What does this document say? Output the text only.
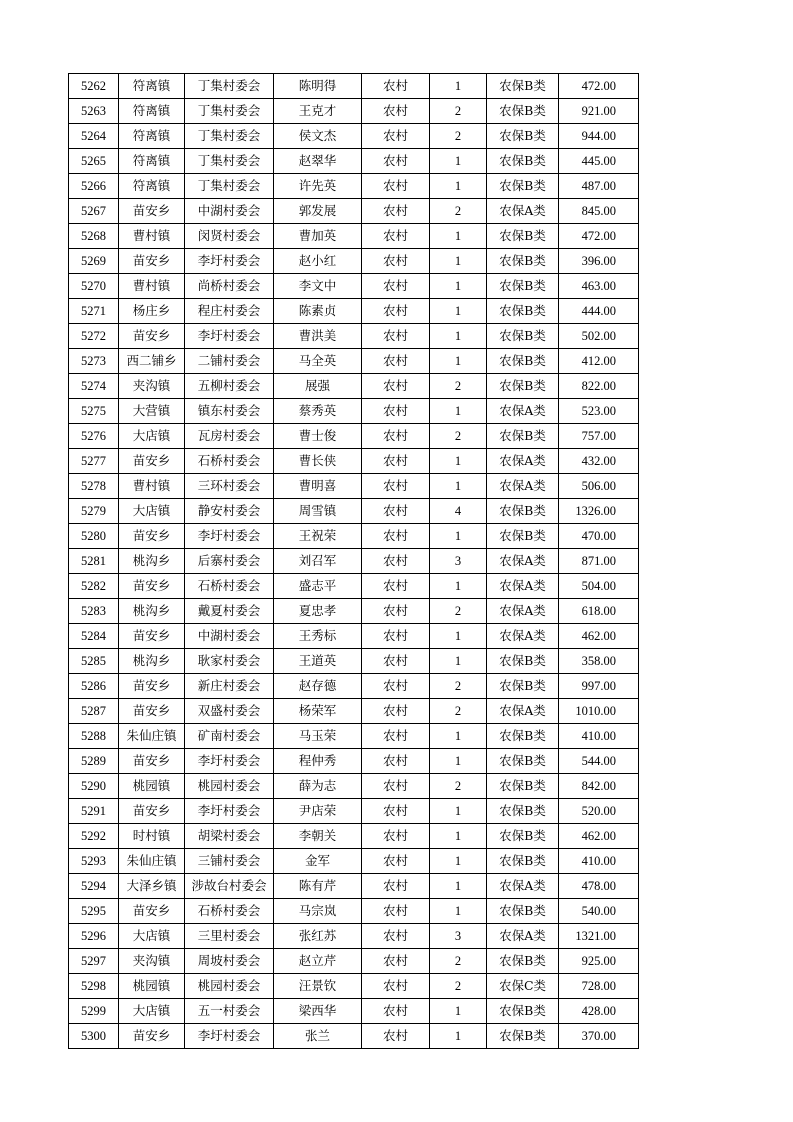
5262	符离镇	丁集村委会	陈明得	农村	1	农保B类	472.00
5263	符离镇	丁集村委会	王克才	农村	2	农保B类	921.00
5264	符离镇	丁集村委会	侯文杰	农村	2	农保B类	944.00
5265	符离镇	丁集村委会	赵翠华	农村	1	农保B类	445.00
5266	符离镇	丁集村委会	许先英	农村	1	农保B类	487.00
5267	苗安乡	中湖村委会	郭发展	农村	2	农保A类	845.00
5268	曹村镇	闵贤村委会	曹加英	农村	1	农保B类	472.00
5269	苗安乡	李圩村委会	赵小红	农村	1	农保B类	396.00
5270	曹村镇	尚桥村委会	李文中	农村	1	农保B类	463.00
5271	杨庄乡	程庄村委会	陈素贞	农村	1	农保B类	444.00
5272	苗安乡	李圩村委会	曹洪美	农村	1	农保B类	502.00
5273	西二铺乡	二铺村委会	马全英	农村	1	农保B类	412.00
5274	夹沟镇	五柳村委会	展强	农村	2	农保B类	822.00
5275	大营镇	镇东村委会	蔡秀英	农村	1	农保A类	523.00
5276	大店镇	瓦房村委会	曹士俊	农村	2	农保B类	757.00
5277	苗安乡	石桥村委会	曹长侠	农村	1	农保A类	432.00
5278	曹村镇	三环村委会	曹明喜	农村	1	农保A类	506.00
5279	大店镇	静安村委会	周雪镇	农村	4	农保B类	1326.00
5280	苗安乡	李圩村委会	王祝荣	农村	1	农保B类	470.00
5281	桃沟乡	后寨村委会	刘召军	农村	3	农保A类	871.00
5282	苗安乡	石桥村委会	盛志平	农村	1	农保A类	504.00
5283	桃沟乡	戴夏村委会	夏忠孝	农村	2	农保A类	618.00
5284	苗安乡	中湖村委会	王秀标	农村	1	农保A类	462.00
5285	桃沟乡	耿家村委会	王道英	农村	1	农保B类	358.00
5286	苗安乡	新庄村委会	赵存德	农村	2	农保B类	997.00
5287	苗安乡	双盛村委会	杨荣军	农村	2	农保A类	1010.00
5288	朱仙庄镇	矿南村委会	马玉荣	农村	1	农保B类	410.00
5289	苗安乡	李圩村委会	程仲秀	农村	1	农保B类	544.00
5290	桃园镇	桃园村委会	薛为志	农村	2	农保B类	842.00
5291	苗安乡	李圩村委会	尹店荣	农村	1	农保B类	520.00
5292	时村镇	胡梁村委会	李朝关	农村	1	农保B类	462.00
5293	朱仙庄镇	三铺村委会	金军	农村	1	农保B类	410.00
5294	大泽乡镇	涉故台村委会	陈有芹	农村	1	农保A类	478.00
5295	苗安乡	石桥村委会	马宗岚	农村	1	农保B类	540.00
5296	大店镇	三里村委会	张红苏	农村	3	农保A类	1321.00
5297	夹沟镇	周坡村委会	赵立芹	农村	2	农保B类	925.00
5298	桃园镇	桃园村委会	汪景钦	农村	2	农保C类	728.00
5299	大店镇	五一村委会	梁西华	农村	1	农保B类	428.00
5300	苗安乡	李圩村委会	张兰	农村	1	农保B类	370.00
